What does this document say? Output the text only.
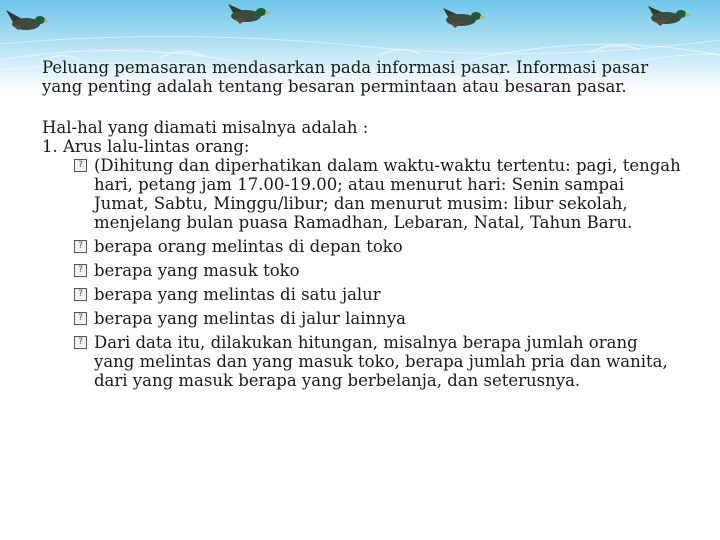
Peluang pemasaran mendasarkan pada informasi pasar. Informasi pasar yang penting adalah tentang besaran permintaan atau besaran pasar.

Hal-hal yang diamati misalnya adalah :

1. Arus lalu-lintas orang:

? (Dihitung dan diperhatikan dalam waktu-waktu tertentu: pagi, tengah hari, petang jam 17.00-19.00; atau menurut hari: Senin sampai Jumat, Sabtu, Minggu/libur; dan menurut musim: libur sekolah, menjelang bulan puasa Ramadhan, Lebaran, Natal, Tahun Baru.
? berapa orang melintas di depan toko
? berapa yang masuk toko
? berapa yang melintas di satu jalur
? berapa yang melintas di jalur lainnya
? Dari data itu, dilakukan hitungan, misalnya berapa jumlah orang yang melintas dan yang masuk toko, berapa jumlah pria dan wanita, dari yang masuk berapa yang berbelanja, dan seterusnya.
